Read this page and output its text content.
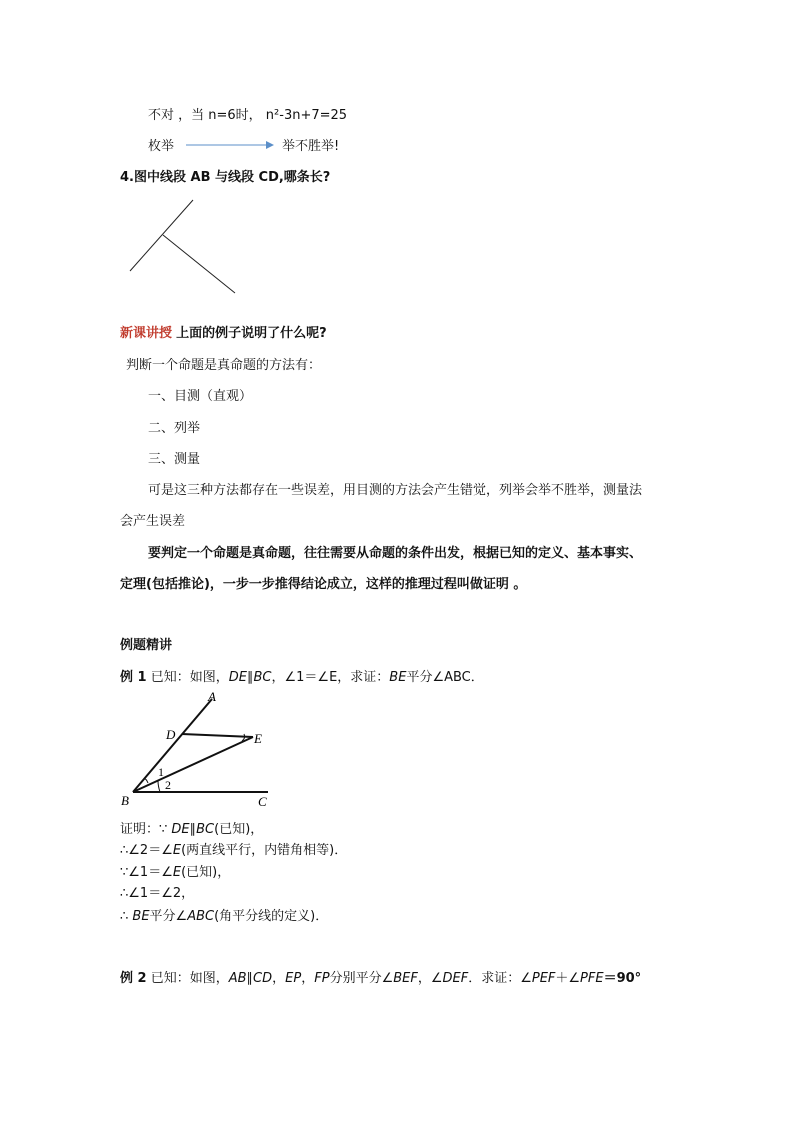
不对 ，当 n=6时， n²-3n+7=25
枚举	举不胜举!
4.图中线段 AB 与线段 CD,哪条长?
新课讲授 上面的例子说明了什么呢?
判断一个命题是真命题的方法有：
一、目测（直观）
二、列举
三、测量
可是这三种方法都存在一些误差，用目测的方法会产生错觉，列举会举不胜举，测量法
会产生误差
要判定一个命题是真命题，往往需要从命题的条件出发，根据已知的定义、基本事实、
定理(包括推论)，一步一步推得结论成立，这样的推理过程叫做证明 。
例题精讲
例 1 已知：如图，DE∥BC，∠1＝∠E，求证：BE平分∠ABC．
A
D	E
B	C
1
2
证明：∵ DE∥BC(已知)，
∴∠2＝∠E(两直线平行，内错角相等)．
∵∠1＝∠E(已知)，
∴∠1＝∠2，
∴ BE平分∠ABC(角平分线的定义)．
例 2 已知：如图，AB∥CD，EP，FP分别平分∠BEF，∠DEF．求证：∠PEF＋∠PFE＝90°
